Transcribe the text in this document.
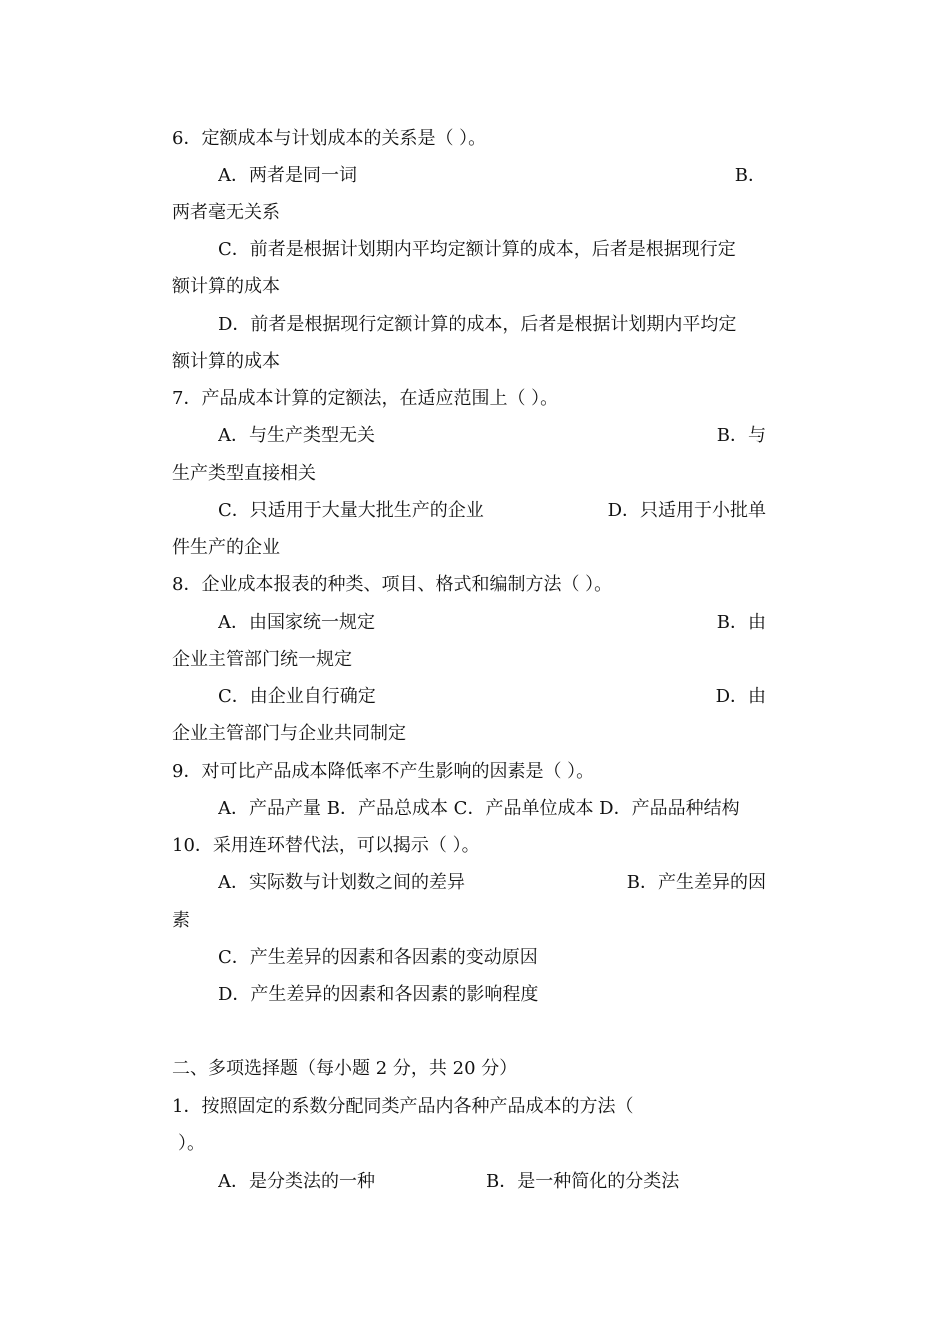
6．定额成本与计划成本的关系是（ ）。
A．两者是同一词	B．
两者毫无关系
C．前者是根据计划期内平均定额计算的成本，后者是根据现行定
额计算的成本
D．前者是根据现行定额计算的成本，后者是根据计划期内平均定
额计算的成本
7．产品成本计算的定额法，在适应范围上（ ）。
A．与生产类型无关	B．与
生产类型直接相关
C．只适用于大量大批生产的企业	D．只适用于小批单
件生产的企业
8．企业成本报表的种类、项目、格式和编制方法（ ）。
A．由国家统一规定	B．由
企业主管部门统一规定
C．由企业自行确定	D．由
企业主管部门与企业共同制定
9．对可比产品成本降低率不产生影响的因素是（ ）。
A．产品产量 B．产品总成本 C．产品单位成本 D．产品品种结构
10．采用连环替代法，可以揭示（ ）。
A．实际数与计划数之间的差异	B．产生差异的因
素
C．产生差异的因素和各因素的变动原因
D．产生差异的因素和各因素的影响程度
二、多项选择题（每小题 2 分，共 20 分）
1．按照固定的系数分配同类产品内各种产品成本的方法（
）。
A．是分类法的一种	B．是一种简化的分类法
